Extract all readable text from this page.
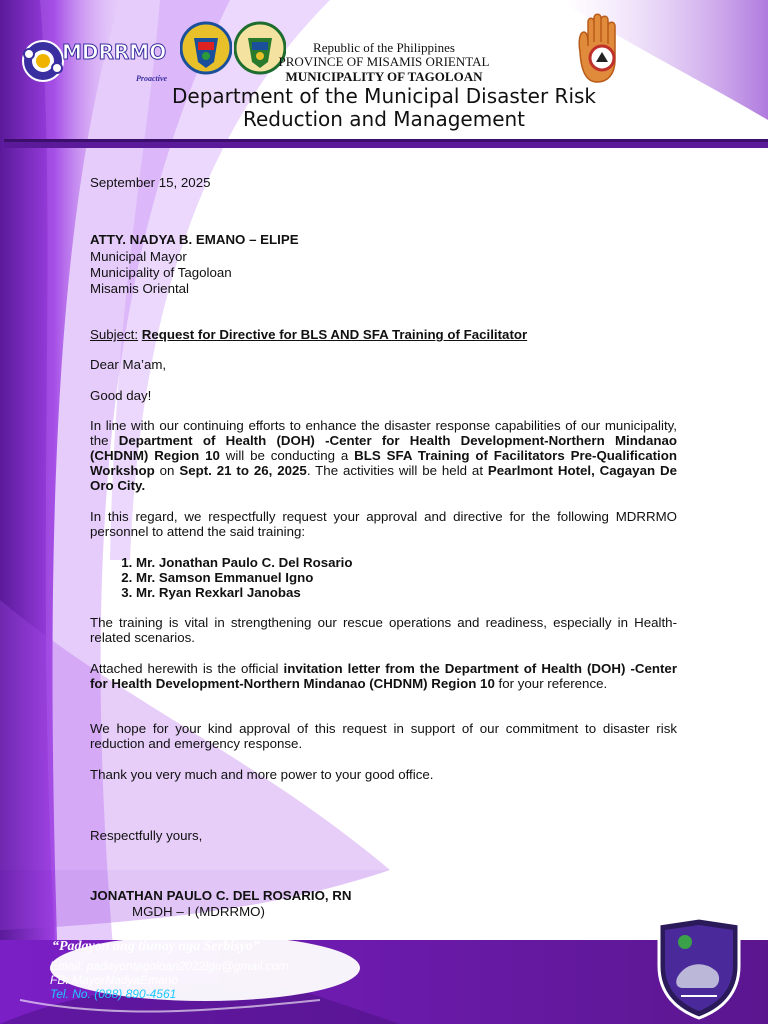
MDRRMO
Proactive
Republic of the Philippines
PROVINCE OF MISAMIS ORIENTAL
MUNICIPALITY OF TAGOLOAN
Department of the Municipal Disaster Risk
Reduction and Management
September 15, 2025

ATTY. NADYA B. EMANO – ELIPE

Municipal Mayor

Municipality of Tagoloan

Misamis Oriental

Subject: Request for Directive for BLS AND SFA Training of Facilitator
Dear Ma’am,
Good day!
In line with our continuing efforts to enhance the disaster response capabilities of our municipality, the Department of Health (DOH) -Center for Health Development-Northern Mindanao (CHDNM) Region 10 will be conducting a BLS SFA Training of Facilitators Pre-Qualification Workshop on Sept. 21 to 26, 2025. The activities will be held at Pearlmont Hotel, Cagayan De Oro City.
In this regard, we respectfully request your approval and directive for the following MDRRMO personnel to attend the said training:
1. Mr. Jonathan Paulo C. Del Rosario
2. Mr. Samson Emmanuel Igno
3. Mr. Ryan Rexkarl Janobas
The training is vital in strengthening our rescue operations and readiness, especially in Health-related scenarios.
Attached herewith is the official invitation letter from the Department of Health (DOH) -Center for Health Development-Northern Mindanao (CHDNM) Region 10 for your reference.
We hope for your kind approval of this request in support of our commitment to disaster risk reduction and emergency response.
Thank you very much and more power to your good office.
Respectfully yours,
JONATHAN PAULO C. DEL ROSARIO, RN
MGDH – I (MDRRMO)
“Padayon ang tiunay nga Serbisyo”
Email: padayontagoloan2022lgu@gmail.com
FB: MayorNadyaEmano
Tel. No. (088) 890-4561
